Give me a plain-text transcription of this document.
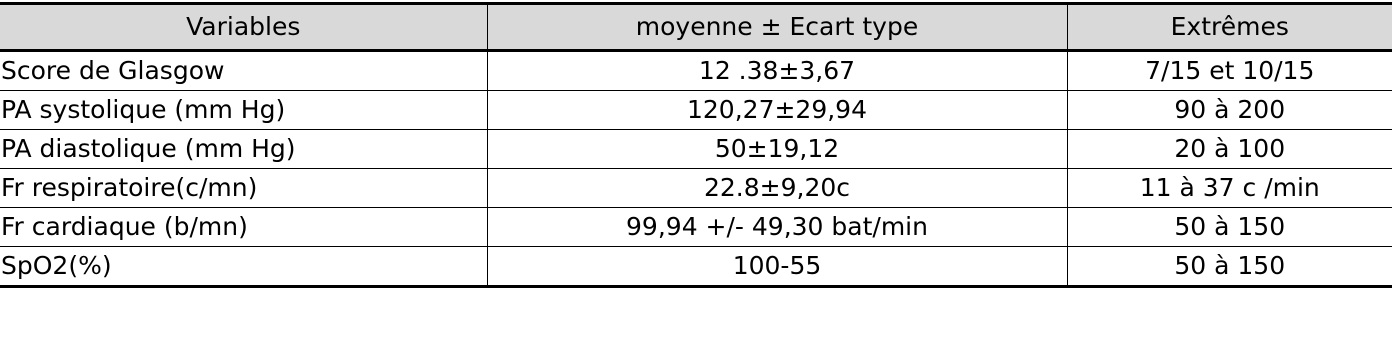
Variables	moyenne ± Ecart type	Extrêmes
Score de Glasgow	12 .38±3,67	7/15 et 10/15
PA systolique (mm Hg)	120,27±29,94	90 à 200
PA diastolique (mm Hg)	50±19,12	20 à 100
Fr respiratoire(c/mn)	22.8±9,20c	11 à 37 c /min
Fr cardiaque (b/mn)	99,94 +/- 49,30 bat/min	50 à 150
SpO2(%)	100-55	50 à 150
